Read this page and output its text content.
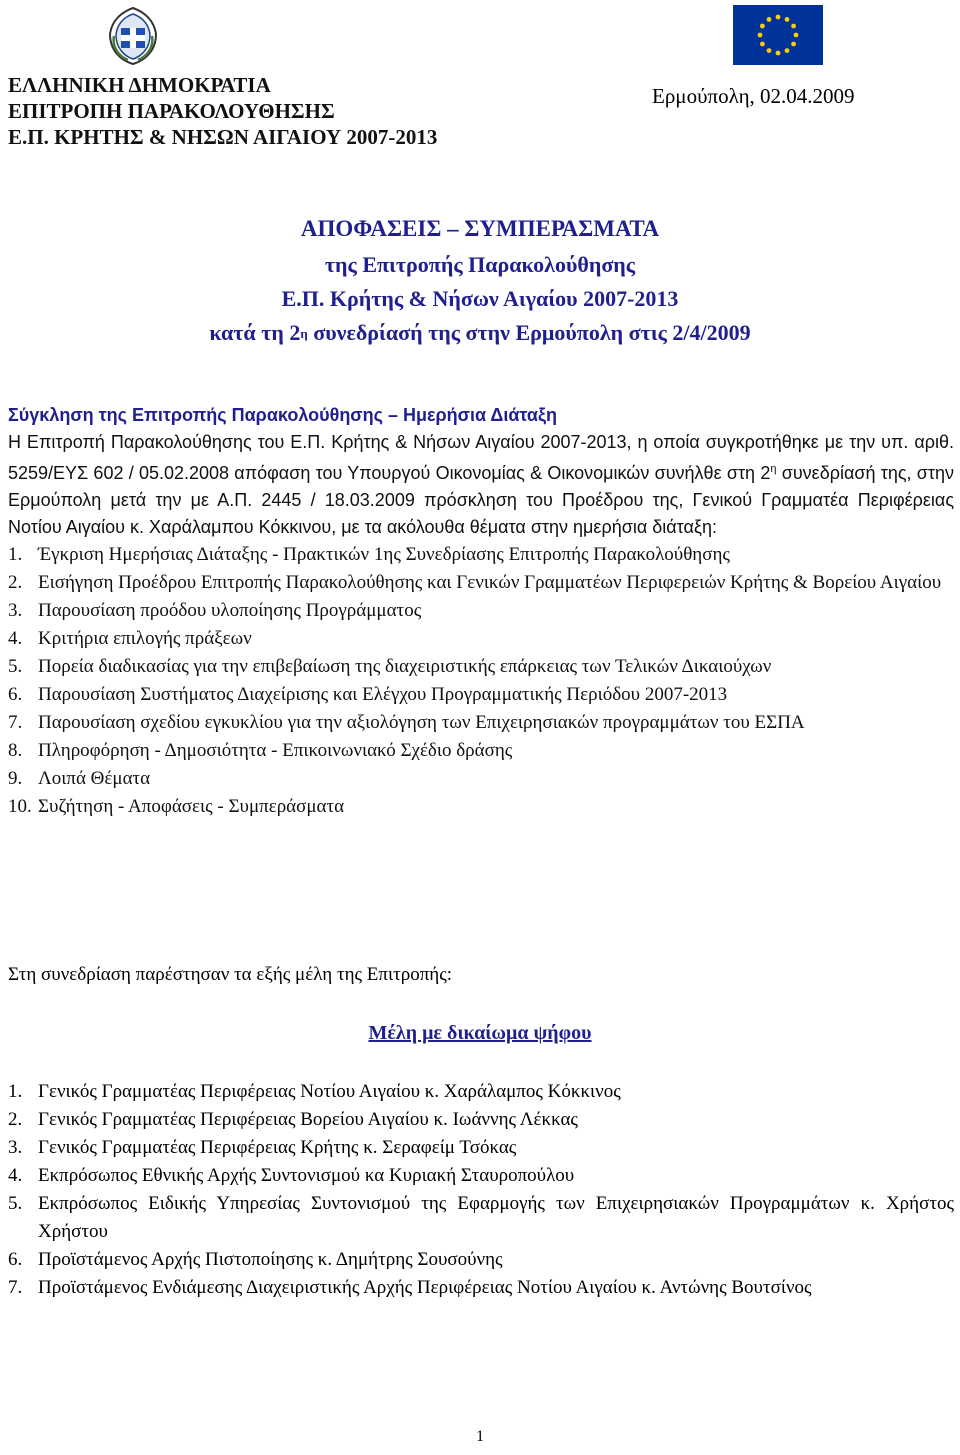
ΕΛΛΗΝΙΚΗ ΔΗΜΟΚΡΑΤΙΑ
ΕΠΙΤΡΟΠΗ ΠΑΡΑΚΟΛΟΥΘΗΣΗΣ
Ε.Π. ΚΡΗΤΗΣ & ΝΗΣΩΝ ΑΙΓΑΙΟΥ 2007-2013
Ερμούπολη, 02.04.2009
ΑΠΟΦΑΣΕΙΣ – ΣΥΜΠΕΡΑΣΜΑΤΑ
της Επιτροπής Παρακολούθησης
Ε.Π. Κρήτης & Νήσων Αιγαίου 2007-2013
κατά τη $2^\eta$ συνεδρίασή της στην Ερμούπολη στις 2/4/2009
Σύγκληση της Επιτροπής Παρακολούθησης – Ημερήσια Διάταξη
Η Επιτροπή Παρακολούθησης του Ε.Π. Κρήτης & Νήσων Αιγαίου 2007-2013, η οποία συγκροτήθηκε με την υπ. αριθ. 5259/ΕΥΣ 602 / 05.02.2008 απόφαση του Υπουργού Οικονομίας & Οικονομικών συνήλθε στη $2^\eta$ συνεδρίασή της, στην Ερμούπολη μετά την με Α.Π. 2445 / 18.03.2009 πρόσκληση του Προέδρου της, Γενικού Γραμματέα Περιφέρειας Νοτίου Αιγαίου κ. Χαράλαμπου Κόκκινου, με τα ακόλουθα θέματα στην ημερήσια διάταξη:
1. Έγκριση Ημερήσιας Διάταξης - Πρακτικών 1ης Συνεδρίασης Επιτροπής Παρακολούθησης
2. Εισήγηση Προέδρου Επιτροπής Παρακολούθησης και Γενικών Γραμματέων Περιφερειών Κρήτης & Βορείου Αιγαίου
3. Παρουσίαση προόδου υλοποίησης Προγράμματος
4. Κριτήρια επιλογής πράξεων
5. Πορεία διαδικασίας για την επιβεβαίωση της διαχειριστικής επάρκειας των Τελικών Δικαιούχων
6. Παρουσίαση Συστήματος Διαχείρισης και Ελέγχου Προγραμματικής Περιόδου 2007-2013
7. Παρουσίαση σχεδίου εγκυκλίου για την αξιολόγηση των Επιχειρησιακών προγραμμάτων του ΕΣΠΑ
8. Πληροφόρηση - Δημοσιότητα - Επικοινωνιακό Σχέδιο δράσης
9. Λοιπά Θέματα
10. Συζήτηση - Αποφάσεις - Συμπεράσματα
Στη συνεδρίαση παρέστησαν τα εξής μέλη της Επιτροπής:
Μέλη με δικαίωμα ψήφου
1. Γενικός Γραμματέας Περιφέρειας Νοτίου Αιγαίου κ. Χαράλαμπος Κόκκινος
2. Γενικός Γραμματέας Περιφέρειας Βορείου Αιγαίου κ. Ιωάννης Λέκκας
3. Γενικός Γραμματέας Περιφέρειας Κρήτης κ. Σεραφείμ Τσόκας
4. Εκπρόσωπος Εθνικής Αρχής Συντονισμού κα Κυριακή Σταυροπούλου
5. Εκπρόσωπος Ειδικής Υπηρεσίας Συντονισμού της Εφαρμογής των Επιχειρησιακών Προγραμμάτων κ. Χρήστος Χρήστου
6. Προϊστάμενος Αρχής Πιστοποίησης κ. Δημήτρης Σουσούνης
7. Προϊστάμενος Ενδιάμεσης Διαχειριστικής Αρχής Περιφέρειας Νοτίου Αιγαίου κ. Αντώνης Βουτσίνος
1
